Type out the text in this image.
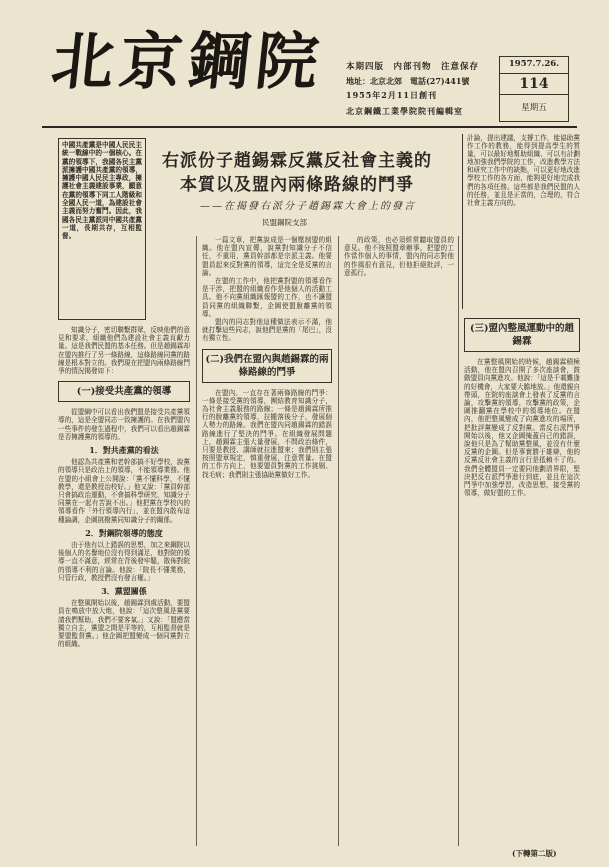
北京鋼院 本期四版　内部刊物　注意保存
地址：北京北郊　電話(27)441號
1955年2月11日創刊
北京鋼鐵工業學院院刊編輯室
1957.7.26.
114
星期五
中國共產黨是中國人民民主統一戰線中的一個核心。在黨的領導下，我國各民主黨派擁護中國共產黨的領導，擁護中國人民民主專政，擁護社會主義建設事業，願意在黨的領導下同工人階級和全國人民一道，為建設社會主義而努力奮鬥。因此，我國各民主黨派同中國共產黨一道，長期共存，互相監督。
右派份子趙錫霖反黨反社會主義的
本質以及盟內兩條路線的鬥爭
——在揭發右派分子趙錫霖大會上的發言
民盟鋼院支部
計論，提出建議，支撐工作，能協助黨作工作的教務，能得到提高學生的質量，可以最好地幫助組織、可以有計劃地加強我們學院的工作，改進教學方法和研究工作中的缺點，可以更好地改進學校工作的各方面，能夠更好地完成我們的各項任務。這些都是我們民盟的人的任務，並且是正當的，合理的，符合社會主義方向的。

知識分子，密切聯繫群眾，反映他們的意見和要求，組織他們為建設社會主義貢獻力量。這是我們民盟的基本任務。但是趙錫霖却在盟內推行了另一條路線，這條路線同黨的路線是根本對立的。我們現在把盟內兩條路線鬥爭的情況揭發如下：

(一)接受共產黨的領導

從盟綱中可以看出我們盟是接受共產黨領導的，這是全盟同志一致擁護的。在我們盟內一些事件的發生過程中，我們可以看出趙錫霖是否擁護黨的領導的。

1．對共產黨的看法

他認為共產黨和老幹部搞不好學校，說黨的領導只是政治上的領導，不能領導業務。他在盟的小組會上公開說：「黨不懂科學，不懂教學，還是教授治校好。」他又說：「黨員幹部只會搞政治運動，不會搞科學研究，知識分子同黨在一起有苦說不出。」他把黨在學校內的領導看作「外行領導內行」，並在盟內散布這種論調，企圖挑撥黨同知識分子的關係。

2．對鋼院領導的態度

由于他有以上錯誤的思想，加之來鋼院以後個人的名譽地位沒有得到滿足，他對院的領導一直不滿意，經常在背後發牢騷，散佈對院的領導不利的言論。他說：「院長不懂業務，只管行政，教授們沒有發言權。」

3．黨盟關係

在整風開始以後，趙錫霖到處活動，要盟員在鳴放中放大炮，他說：「這次整風是黨要請我們幫助，我們不要客氣。」又說：「盟應當獨立自主，黨盟之間是平等的，互相監督就是要盟監督黨。」他企圖把盟變成一個同黨對立的組織。

一篇文章，把黨說成是一個壓制盟的組織。他在盟內宣傳，說黨對知識分子不信任，不重用，黨員幹部都是宗派主義。他要盟員起來反對黨的領導，這完全是反黨的言論。

在盟的工作中，他把黨對盟的領導看作是干涉，把盟的組織看作是他個人的活動工具。他不向黨組織匯報盟的工作，也不讓盟員同黨的組織聯繫，企圖使盟脫離黨的領導。

盟內的同志對他這種做法表示不滿，他就打擊這些同志，說他們是黨的「尾巴」，沒有獨立性。

(二)我們在盟內與趙錫霖的兩條路線的鬥爭

在盟內，一直存在著兩條路線的鬥爭：一條是接受黨的領導，團結教育知識分子，為社會主義服務的路線；一條是趙錫霖所推行的脫離黨的領導，拉攏落後分子，發展個人勢力的路線。我們在盟內同趙錫霖的錯誤路線進行了堅決的鬥爭。在組織發展問題上，趙錫霖主張大量發展，不問政治條件，只要是教授、講師就拉進盟來；我們則主張按照盟章規定，慎重發展，注意質量。在盟的工作方向上，他要盟員對黨的工作挑剔、找毛病；我們則主張協助黨做好工作。

的政策，也必須經常聽取盟員的意見。他不按照盟章辦事，把盟的工作當作個人的事情，盟內的同志對他的作風很有意見，但他拒絕批評，一意孤行。

(三)盟內整風運動中的趙錫霖

在黨整風開始的時候，趙錫霖積極活動，他在盟內召開了多次座談會，鼓動盟員向黨進攻。他說：「這是千載難逢的好機會，大家要大膽地放。」他還親自帶頭，在院的座談會上發表了反黨的言論，攻擊黨的領導，攻擊黨的政策，企圖推翻黨在學校中的領導地位。在盟內，他把整風變成了向黨進攻的場所，把批評黨變成了反對黨。當反右派鬥爭開始以後，他又企圖掩蓋自己的錯誤，說他只是為了幫助黨整風，並沒有什麼反黨的企圖。但是事實勝于雄辯，他的反黨反社會主義的言行是抵賴不了的。我們全體盟員一定要同他劃清界限，堅決把反右派鬥爭進行到底，並且在這次鬥爭中加強學習，改造思想，接受黨的領導，做好盟的工作。

(下轉第二版)
